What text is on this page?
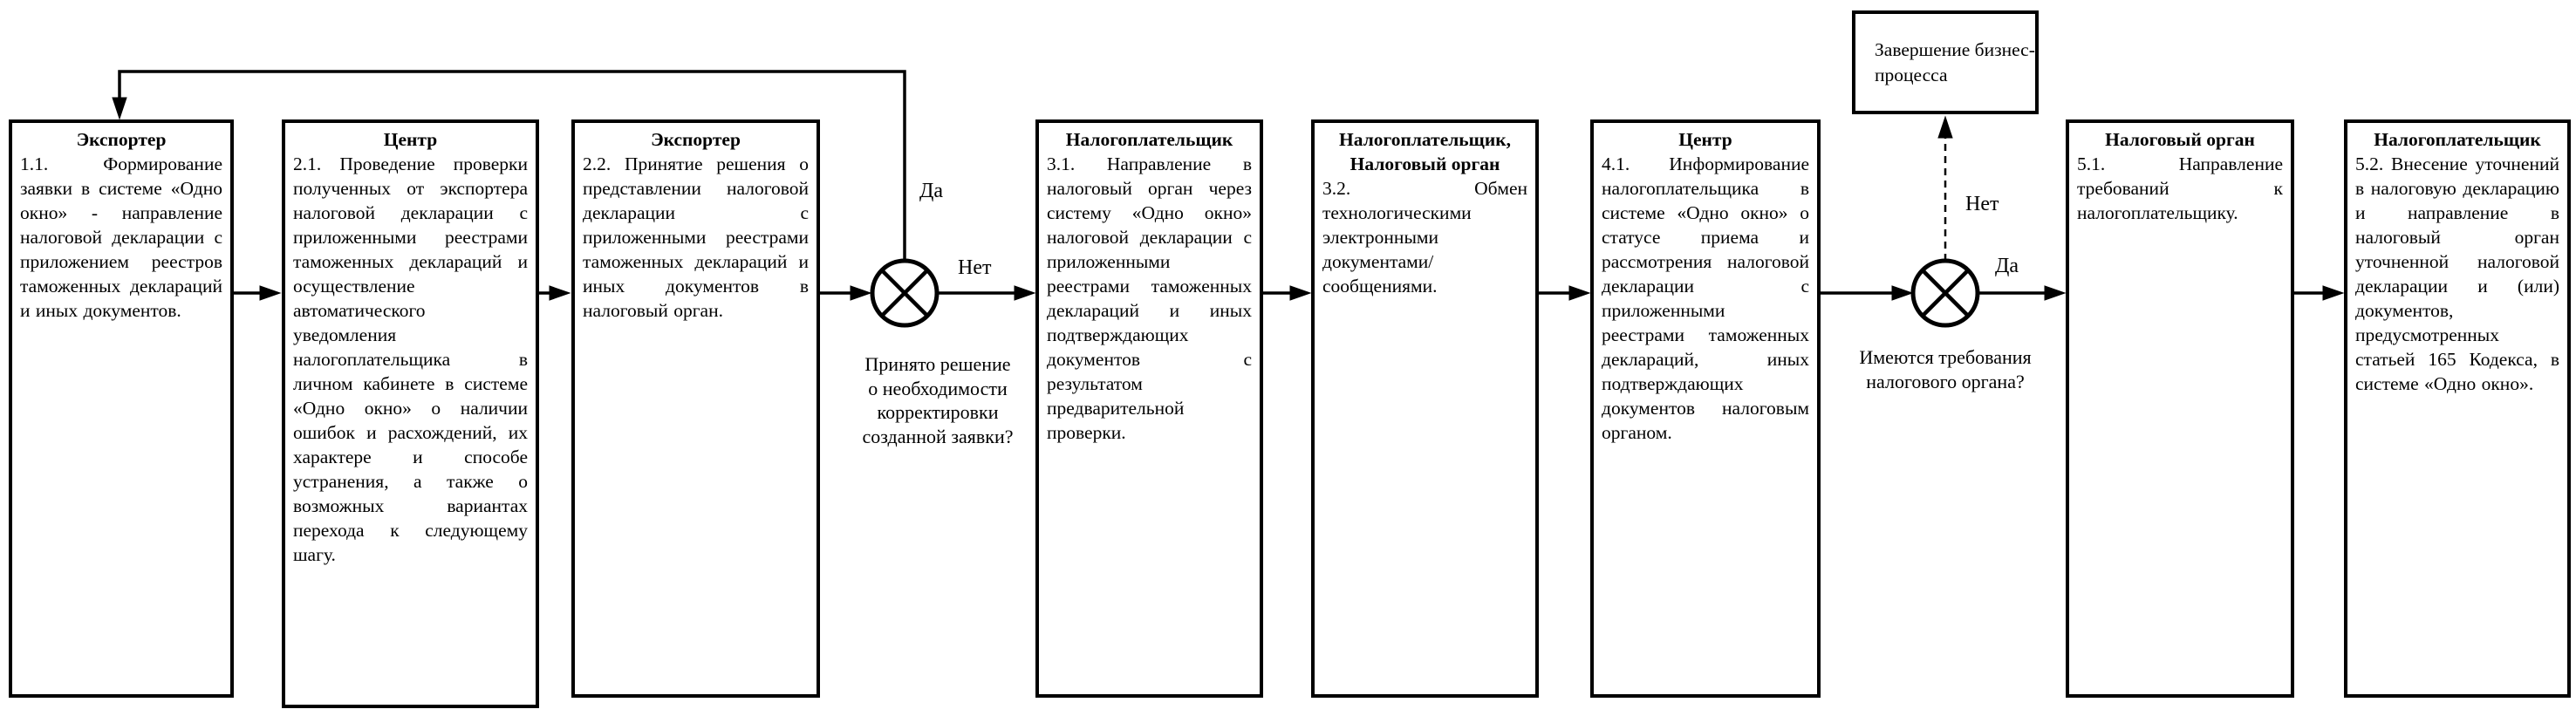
Экспортер
1.1. Формирование заявки в системе «Одно окно» - направление налоговой декларации с приложением реестров таможенных деклараций и иных документов.
Центр
2.1. Проведение проверки полученных от экспортера налоговой декларации с приложенными реестрами таможенных деклараций и осуществление автоматического уведомления налогоплательщика в личном кабинете в системе «Одно окно» о наличии ошибок и расхождений, их характере и способе устранения, а также о возможных вариантах перехода к следующему шагу.
Экспортер
2.2. Принятие решения о представлении налоговой декларации с приложенными реестрами таможенных деклараций и иных документов в налоговый орган.
Налогоплательщик
3.1. Направление в налоговый орган через систему «Одно окно» налоговой декларации с приложенными реестрами таможенных деклараций и иных подтверждающих документов с результатом предварительной проверки.
Налогоплательщик, Налоговый орган
3.2. Обмен технологическими электронными документами/ сообщениями.
Центр
4.1. Информирование налогоплательщика в системе «Одно окно» о статусе приема и рассмотрения налоговой декларации с приложенными реестрами таможенных деклараций, иных подтверждающих документов налоговым органом.
Налоговый орган
5.1. Направление требований к налогоплательщику.
Налогоплательщик
5.2. Внесение уточнений в налоговую декларацию и направление в налоговый орган уточненной налоговой декларации и (или) документов, предусмотренных статьей 165 Кодекса, в системе «Одно окно».
Завершение бизнес-процесса
Принято решение о необходимости корректировки созданной заявки?
Имеются требования налогового органа?
Да
Нет
Нет
Да
